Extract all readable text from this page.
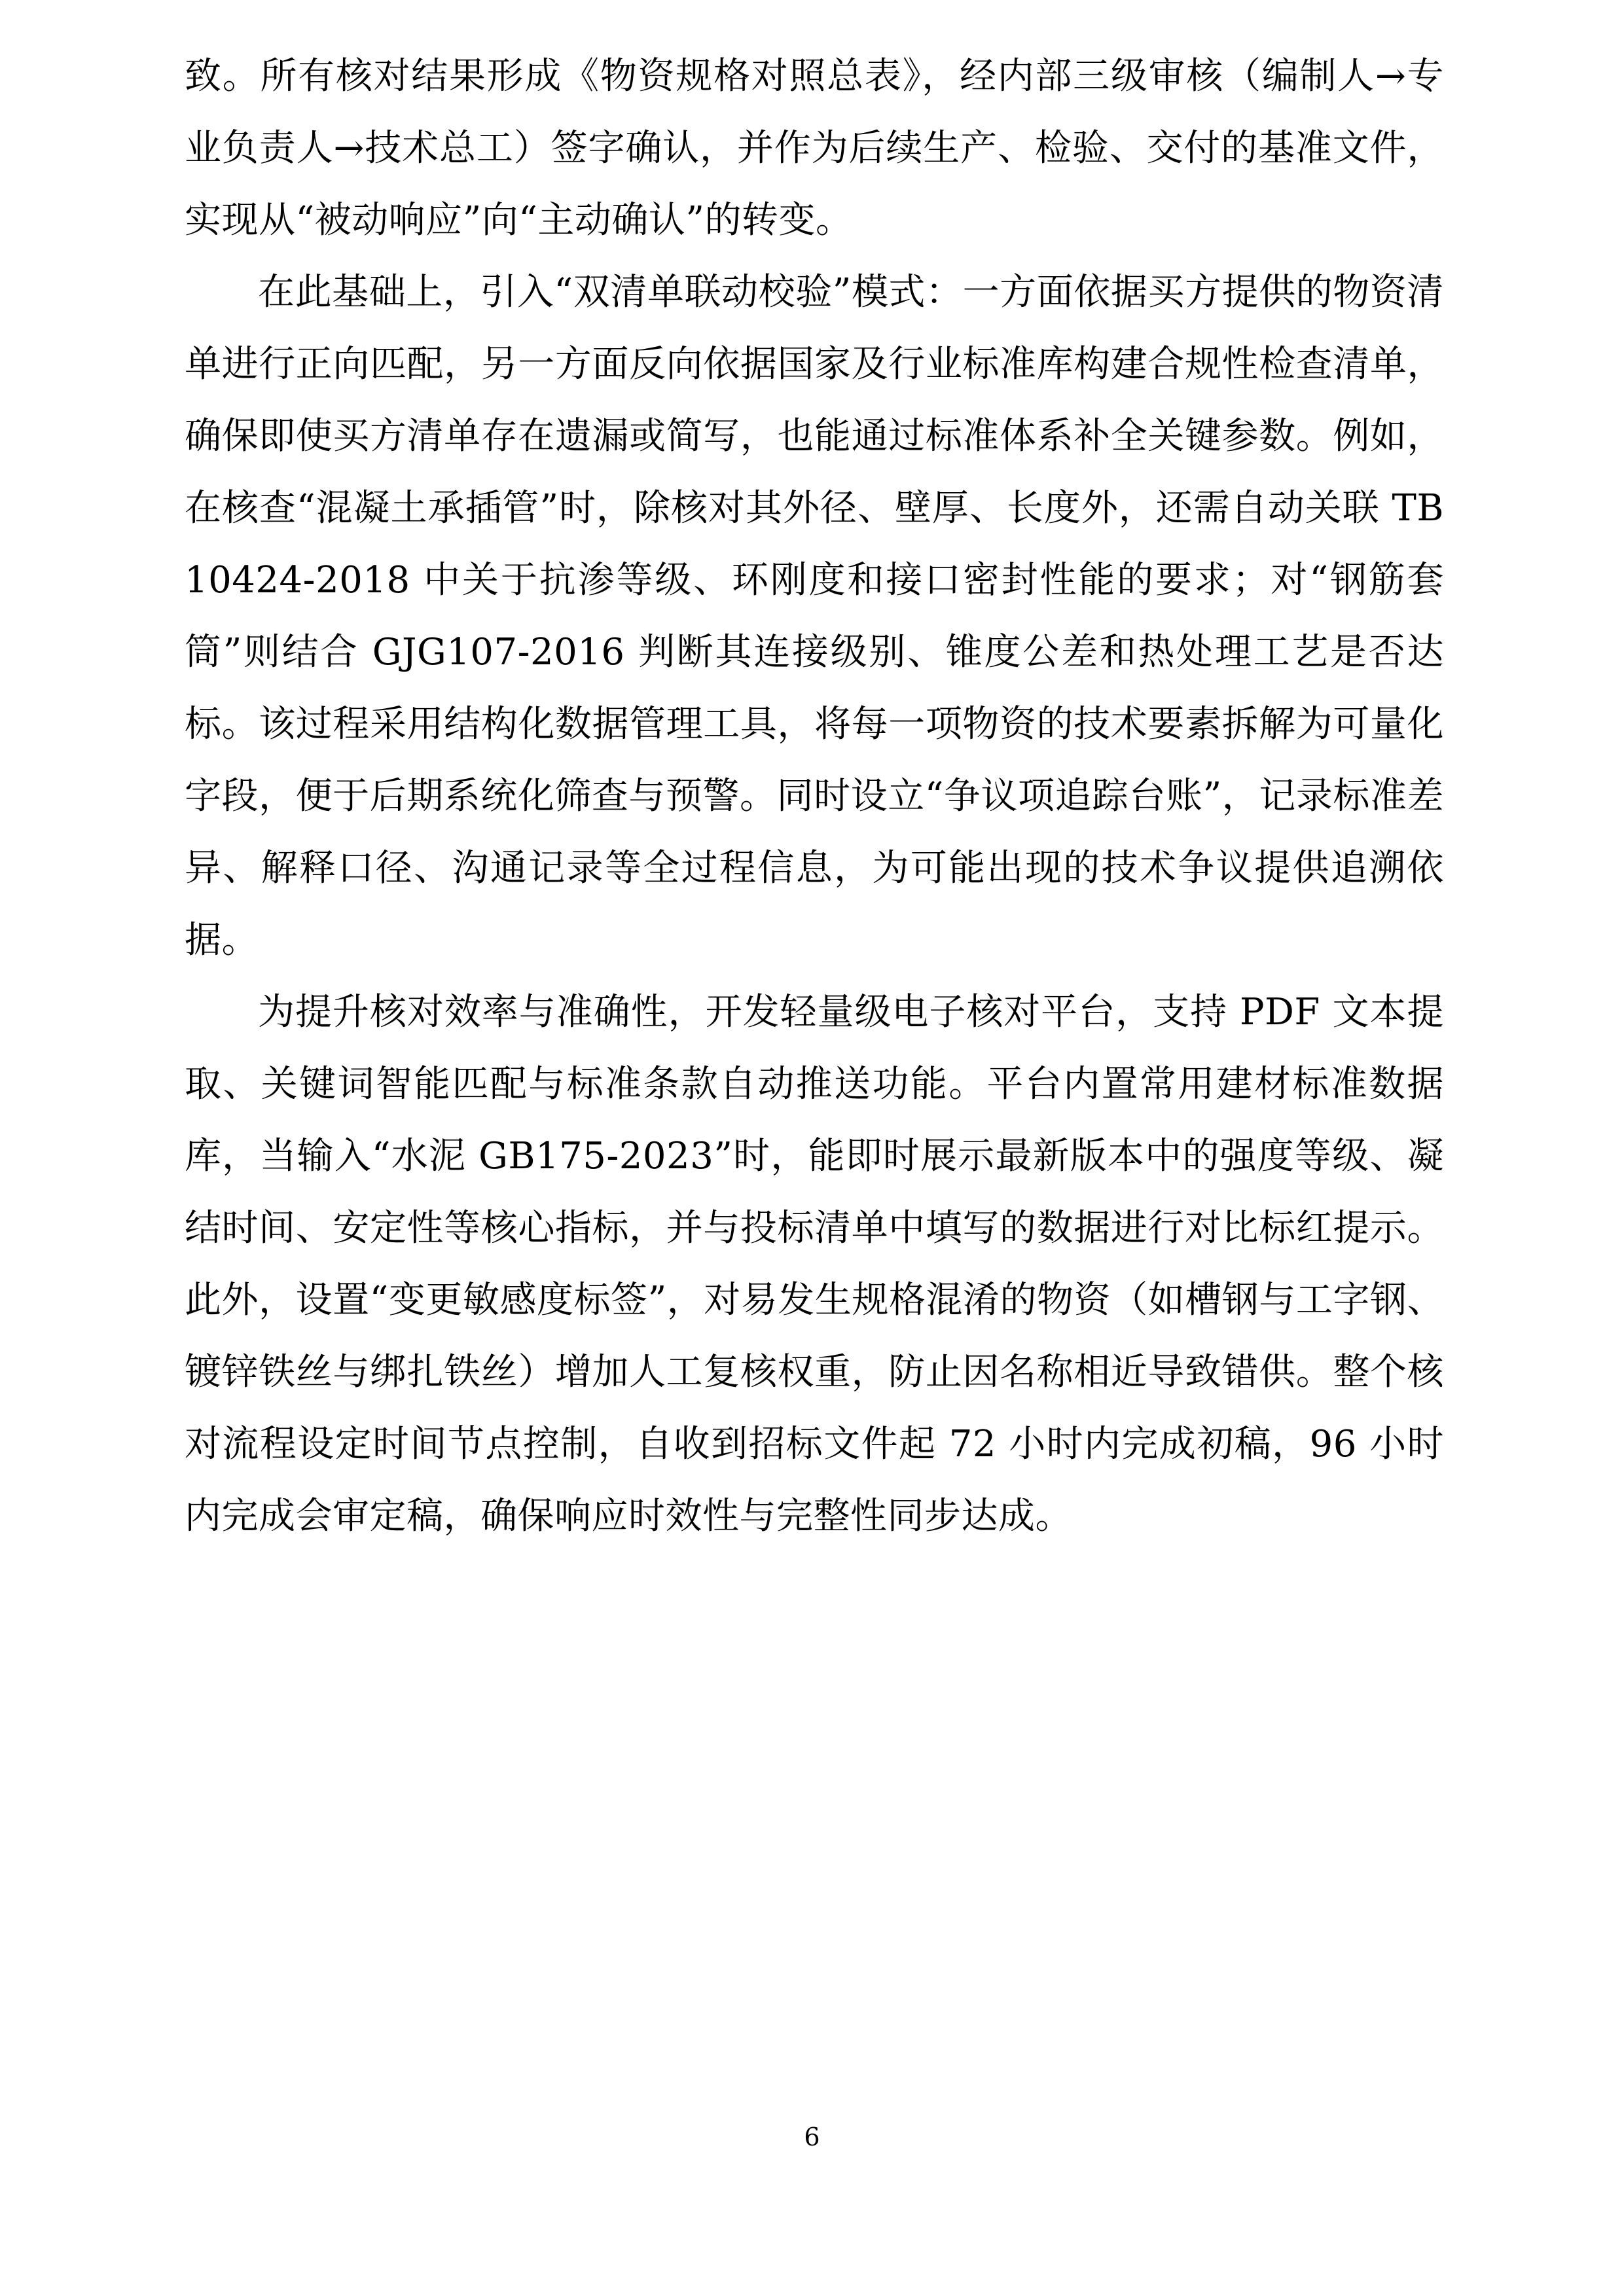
致。所有核对结果形成《物资规格对照总表》，经内部三级审核（编制人→专业负责人→技术总工）签字确认，并作为后续生产、检验、交付的基准文件，实现从“被动响应”向“主动确认”的转变。

在此基础上，引入“双清单联动校验”模式：一方面依据买方提供的物资清单进行正向匹配，另一方面反向依据国家及行业标准库构建合规性检查清单，确保即使买方清单存在遗漏或简写，也能通过标准体系补全关键参数。例如，在核查“混凝土承插管”时，除核对其外径、壁厚、长度外，还需自动关联 TB10424-2018 中关于抗渗等级、环刚度和接口密封性能的要求；对“钢筋套筒”则结合 GJG107-2016 判断其连接级别、锥度公差和热处理工艺是否达标。该过程采用结构化数据管理工具，将每一项物资的技术要素拆解为可量化字段，便于后期系统化筛查与预警。同时设立“争议项追踪台账”，记录标准差异、解释口径、沟通记录等全过程信息，为可能出现的技术争议提供追溯依据。

为提升核对效率与准确性，开发轻量级电子核对平台，支持 PDF 文本提取、关键词智能匹配与标准条款自动推送功能。平台内置常用建材标准数据库，当输入“水泥 GB175-2023”时，能即时展示最新版本中的强度等级、凝结时间、安定性等核心指标，并与投标清单中填写的数据进行对比标红提示。此外，设置“变更敏感度标签”，对易发生规格混淆的物资（如槽钢与工字钢、镀锌铁丝与绑扎铁丝）增加人工复核权重，防止因名称相近导致错供。整个核对流程设定时间节点控制，自收到招标文件起 72 小时内完成初稿，96 小时内完成会审定稿，确保响应时效性与完整性同步达成。

6
